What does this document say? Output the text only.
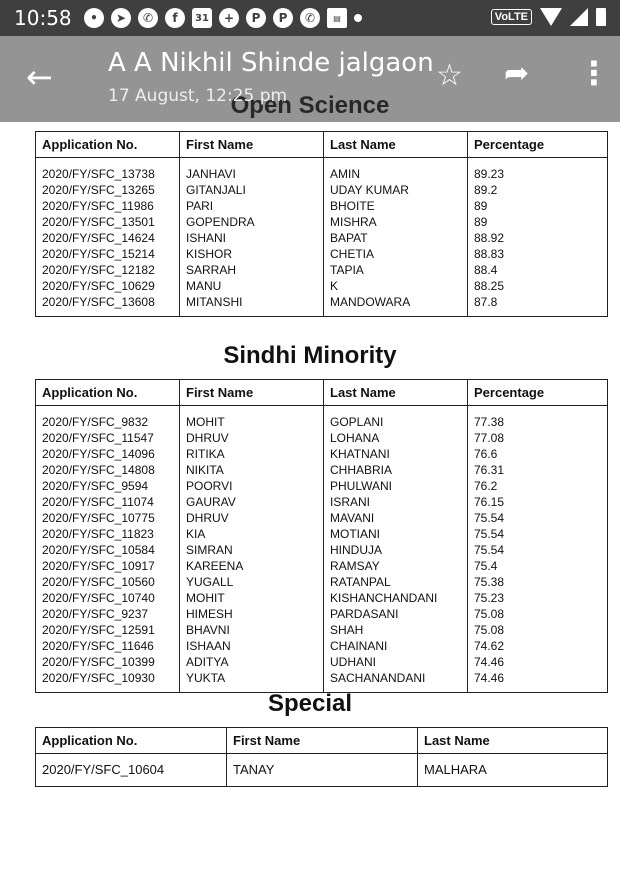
10:58	•	➤	✆	f	31	+	P	P	✆	▤	VoLTE
Application No.	First Name	Last Name	Percentage
2020/FY/SFC_13738	JANHAVI	AMIN	89.23
2020/FY/SFC_13265	GITANJALI	UDAY KUMAR	89.2
2020/FY/SFC_11986	PARI	BHOITE	89
2020/FY/SFC_13501	GOPENDRA	MISHRA	89
2020/FY/SFC_14624	ISHANI	BAPAT	88.92
2020/FY/SFC_15214	KISHOR	CHETIA	88.83
2020/FY/SFC_12182	SARRAH	TAPIA	88.4
2020/FY/SFC_10629	MANU	K	88.25
2020/FY/SFC_13608	MITANSHI	MANDOWARA	87.8
Sindhi Minority
Application No.	First Name	Last Name	Percentage
2020/FY/SFC_9832	MOHIT	GOPLANI	77.38
2020/FY/SFC_11547	DHRUV	LOHANA	77.08
2020/FY/SFC_14096	RITIKA	KHATNANI	76.6
2020/FY/SFC_14808	NIKITA	CHHABRIA	76.31
2020/FY/SFC_9594	POORVI	PHULWANI	76.2
2020/FY/SFC_11074	GAURAV	ISRANI	76.15
2020/FY/SFC_10775	DHRUV	MAVANI	75.54
2020/FY/SFC_11823	KIA	MOTIANI	75.54
2020/FY/SFC_10584	SIMRAN	HINDUJA	75.54
2020/FY/SFC_10917	KAREENA	RAMSAY	75.4
2020/FY/SFC_10560	YUGALL	RATANPAL	75.38
2020/FY/SFC_10740	MOHIT	KISHANCHANDANI	75.23
2020/FY/SFC_9237	HIMESH	PARDASANI	75.08
2020/FY/SFC_12591	BHAVNI	SHAH	75.08
2020/FY/SFC_11646	ISHAAN	CHAINANI	74.62
2020/FY/SFC_10399	ADITYA	UDHANI	74.46
2020/FY/SFC_10930	YUKTA	SACHANANDANI	74.46
Special
Application No.	First Name	Last Name
2020/FY/SFC_10604	TANAY	MALHARA
← A A Nikhil Shinde jalgaon
17 August, 12:25 pm
☆ ➦ ⋮
